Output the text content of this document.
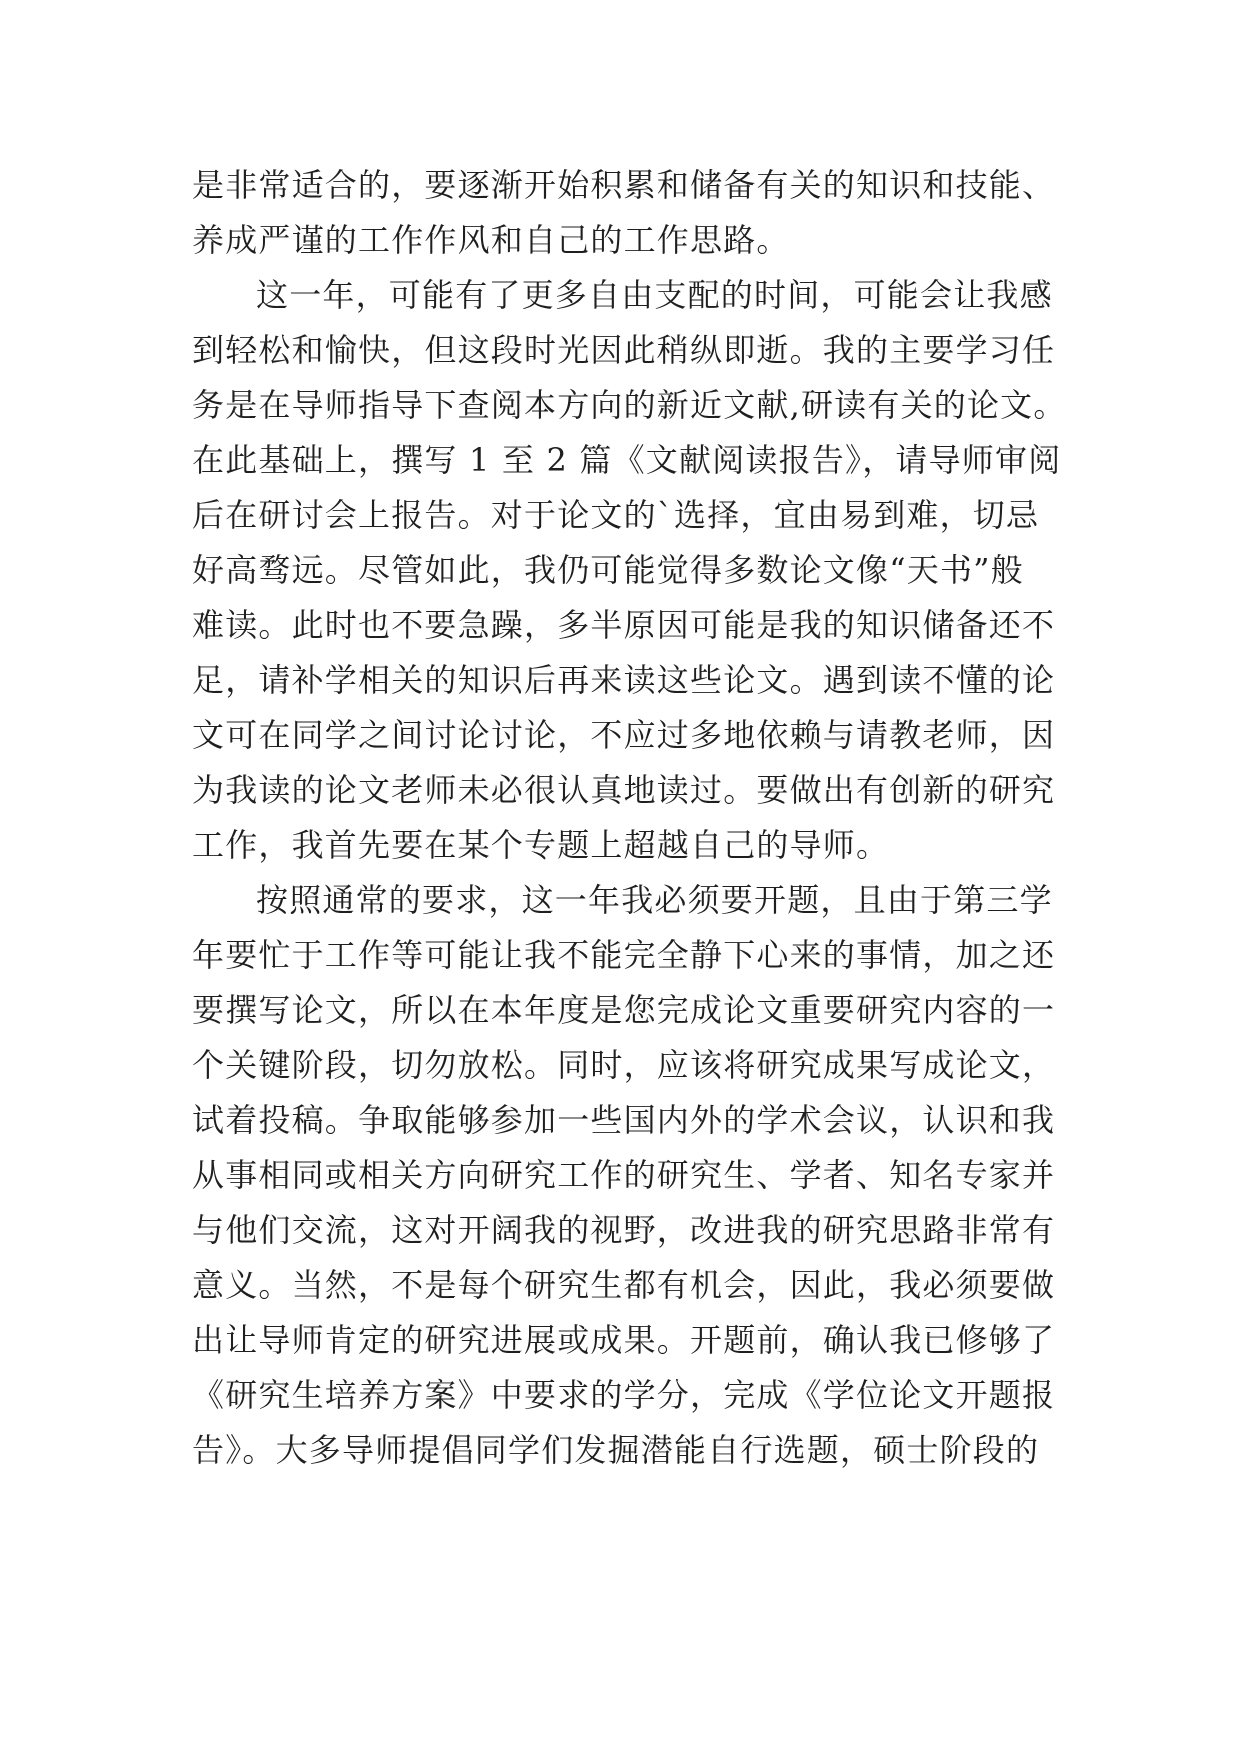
是非常适合的，要逐渐开始积累和储备有关的知识和技能、
养成严谨的工作作风和自己的工作思路。
这一年，可能有了更多自由支配的时间，可能会让我感
到轻松和愉快，但这段时光因此稍纵即逝。我的主要学习任
务是在导师指导下查阅本方向的新近文献,研读有关的论文。
在此基础上，撰写 1 至 2 篇《文献阅读报告》，请导师审阅
后在研讨会上报告。对于论文的`选择，宜由易到难，切忌
好高骛远。尽管如此，我仍可能觉得多数论文像“天书”般
难读。此时也不要急躁，多半原因可能是我的知识储备还不
足，请补学相关的知识后再来读这些论文。遇到读不懂的论
文可在同学之间讨论讨论，不应过多地依赖与请教老师，因
为我读的论文老师未必很认真地读过。要做出有创新的研究
工作，我首先要在某个专题上超越自己的导师。
按照通常的要求，这一年我必须要开题，且由于第三学
年要忙于工作等可能让我不能完全静下心来的事情，加之还
要撰写论文，所以在本年度是您完成论文重要研究内容的一
个关键阶段，切勿放松。同时，应该将研究成果写成论文，
试着投稿。争取能够参加一些国内外的学术会议，认识和我
从事相同或相关方向研究工作的研究生、学者、知名专家并
与他们交流，这对开阔我的视野，改进我的研究思路非常有
意义。当然，不是每个研究生都有机会，因此，我必须要做
出让导师肯定的研究进展或成果。开题前，确认我已修够了
《研究生培养方案》中要求的学分，完成《学位论文开题报
告》。大多导师提倡同学们发掘潜能自行选题，硕士阶段的
